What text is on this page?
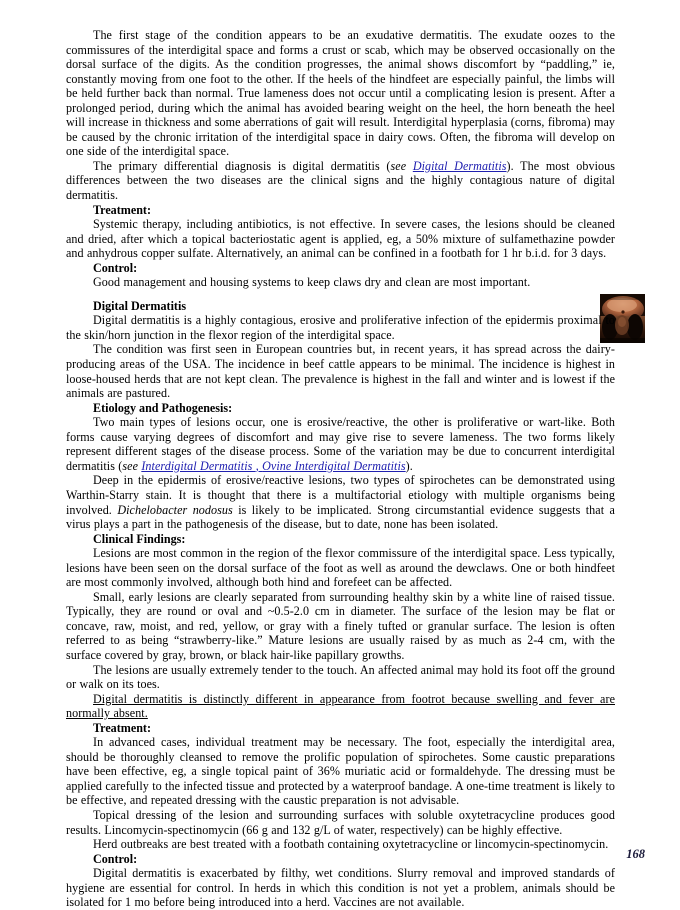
The first stage of the condition appears to be an exudative dermatitis. The exudate oozes to the commissures of the interdigital space and forms a crust or scab, which may be observed occasionally on the dorsal surface of the digits. As the condition progresses, the animal shows discomfort by “paddling,” ie, constantly moving from one foot to the other. If the heels of the hindfeet are especially painful, the limbs will be held further back than normal. True lameness does not occur until a complicating lesion is present. After a prolonged period, during which the animal has avoided bearing weight on the heel, the horn beneath the heel will increase in thickness and some aberrations of gait will result. Interdigital hyperplasia (corns, fibroma) may be caused by the chronic irritation of the interdigital space in dairy cows. Often, the fibroma will develop on one side of the interdigital space.

The primary differential diagnosis is digital dermatitis (see Digital Dermatitis). The most obvious differences between the two diseases are the clinical signs and the highly contagious nature of digital dermatitis.

Treatment:

Systemic therapy, including antibiotics, is not effective. In severe cases, the lesions should be cleaned and dried, after which a topical bacteriostatic agent is applied, eg, a 50% mixture of sulfamethazine powder and anhydrous copper sulfate. Alternatively, an animal can be confined in a footbath for 1 hr b.i.d. for 3 days.

Control:

Good management and housing systems to keep claws dry and clean are most important.

Digital Dermatitis

Digital dermatitis is a highly contagious, erosive and proliferative infection of the epidermis proximal to the skin/horn junction in the flexor region of the interdigital space.

The condition was first seen in European countries but, in recent years, it has spread across the dairy-producing areas of the USA. The incidence in beef cattle appears to be minimal. The incidence is highest in loose-housed herds that are not kept clean. The prevalence is highest in the fall and winter and is lowest if the animals are pastured.

Etiology and Pathogenesis:

Two main types of lesions occur, one is erosive/reactive, the other is proliferative or wart-like. Both forms cause varying degrees of discomfort and may give rise to severe lameness. The two forms likely represent different stages of the disease process. Some of the variation may be due to concurrent interdigital dermatitis (see Interdigital Dermatitis , Ovine Interdigital Dermatitis).

Deep in the epidermis of erosive/reactive lesions, two types of spirochetes can be demonstrated using Warthin-Starry stain. It is thought that there is a multifactorial etiology with multiple organisms being involved. Dichelobacter nodosus is likely to be implicated. Strong circumstantial evidence suggests that a virus plays a part in the pathogenesis of the disease, but to date, none has been isolated.

Clinical Findings:

Lesions are most common in the region of the flexor commissure of the interdigital space. Less typically, lesions have been seen on the dorsal surface of the foot as well as around the dewclaws. One or both hindfeet are most commonly involved, although both hind and forefeet can be affected.

Small, early lesions are clearly separated from surrounding healthy skin by a white line of raised tissue. Typically, they are round or oval and ~0.5-2.0 cm in diameter. The surface of the lesion may be flat or concave, raw, moist, and red, yellow, or gray with a finely tufted or granular surface. The lesion is often referred to as being “strawberry-like.” Mature lesions are usually raised by as much as 2-4 cm, with the surface covered by gray, brown, or black hair-like papillary growths.

The lesions are usually extremely tender to the touch. An affected animal may hold its foot off the ground or walk on its toes.

Digital dermatitis is distinctly different in appearance from footrot because swelling and fever are normally absent.

Treatment:

In advanced cases, individual treatment may be necessary. The foot, especially the interdigital area, should be thoroughly cleansed to remove the prolific population of spirochetes. Some caustic preparations have been effective, eg, a single topical paint of 36% muriatic acid or formaldehyde. The dressing must be applied carefully to the infected tissue and protected by a waterproof bandage. A one-time treatment is likely to be effective, and repeated dressing with the caustic preparation is not advisable.

Topical dressing of the lesion and surrounding surfaces with soluble oxytetracycline produces good results. Lincomycin-spectinomycin (66 g and 132 g/L of water, respectively) can be highly effective.

Herd outbreaks are best treated with a footbath containing oxytetracycline or lincomycin-spectinomycin.

Control:

Digital dermatitis is exacerbated by filthy, wet conditions. Slurry removal and improved standards of hygiene are essential for control. In herds in which this condition is not yet a problem, animals should be isolated for 1 mo before being introduced into a herd. Vaccines are not available.

168
